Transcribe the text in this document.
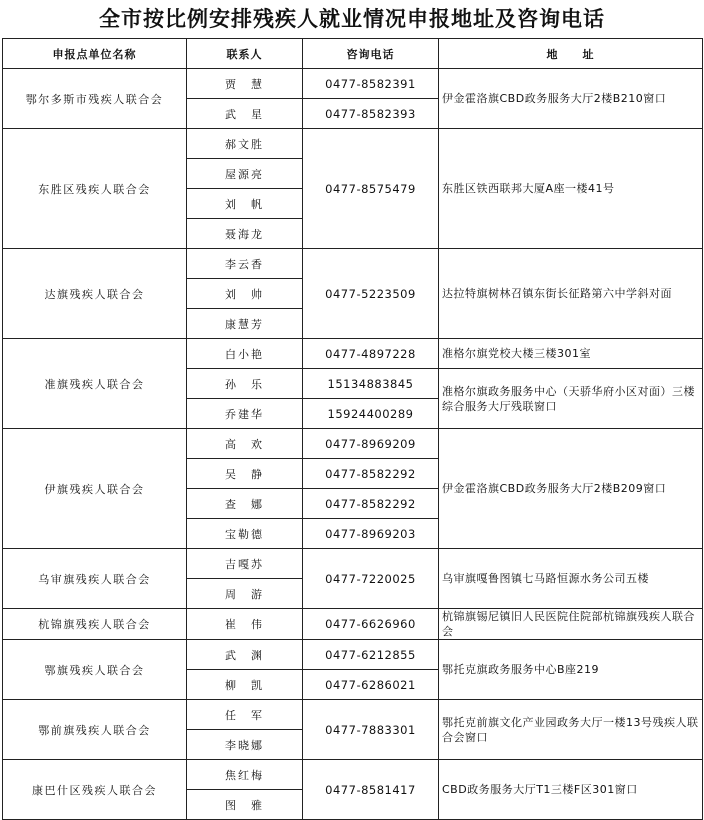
全市按比例安排残疾人就业情况申报地址及咨询电话
申报点单位名称	联系人	咨询电话	地　　址
鄂尔多斯市残疾人联合会	贾　慧	0477-8582391	伊金霍洛旗CBD政务服务大厅2楼B210窗口
	武　星	0477-8582393	
东胜区残疾人联合会	郝文胜	0477-8575479	东胜区铁西联邦大厦A座一楼41号
	屋源亮		
	刘　帆		
	聂海龙		
达旗残疾人联合会	李云香	0477-5223509	达拉特旗树林召镇东街长征路第六中学斜对面
	刘　帅		
	康慧芳		
准旗残疾人联合会	白小艳	0477-4897228	准格尔旗党校大楼三楼301室
	孙　乐	15134883845	准格尔旗政务服务中心（天骄华府小区对面）三楼综合服务大厅残联窗口
	乔建华	15924400289	
伊旗残疾人联合会	高　欢	0477-8969209	伊金霍洛旗CBD政务服务大厅2楼B209窗口
	吴　静	0477-8582292	
	查　娜	0477-8582292	
	宝勒德	0477-8969203	
乌审旗残疾人联合会	吉嘎苏	0477-7220025	乌审旗嘎鲁图镇七马路恒源水务公司五楼
	周　游		
杭锦旗残疾人联合会	崔　伟	0477-6626960	杭锦旗锡尼镇旧人民医院住院部杭锦旗残疾人联合会
鄂旗残疾人联合会	武　渊	0477-6212855	鄂托克旗政务服务中心B座219
	柳　凯	0477-6286021	
鄂前旗残疾人联合会	任　军	0477-7883301	鄂托克前旗文化产业园政务大厅一楼13号残疾人联合会窗口
	李晓娜		
康巴什区残疾人联合会	焦红梅	0477-8581417	CBD政务服务大厅T1三楼F区301窗口
	图　雅		
